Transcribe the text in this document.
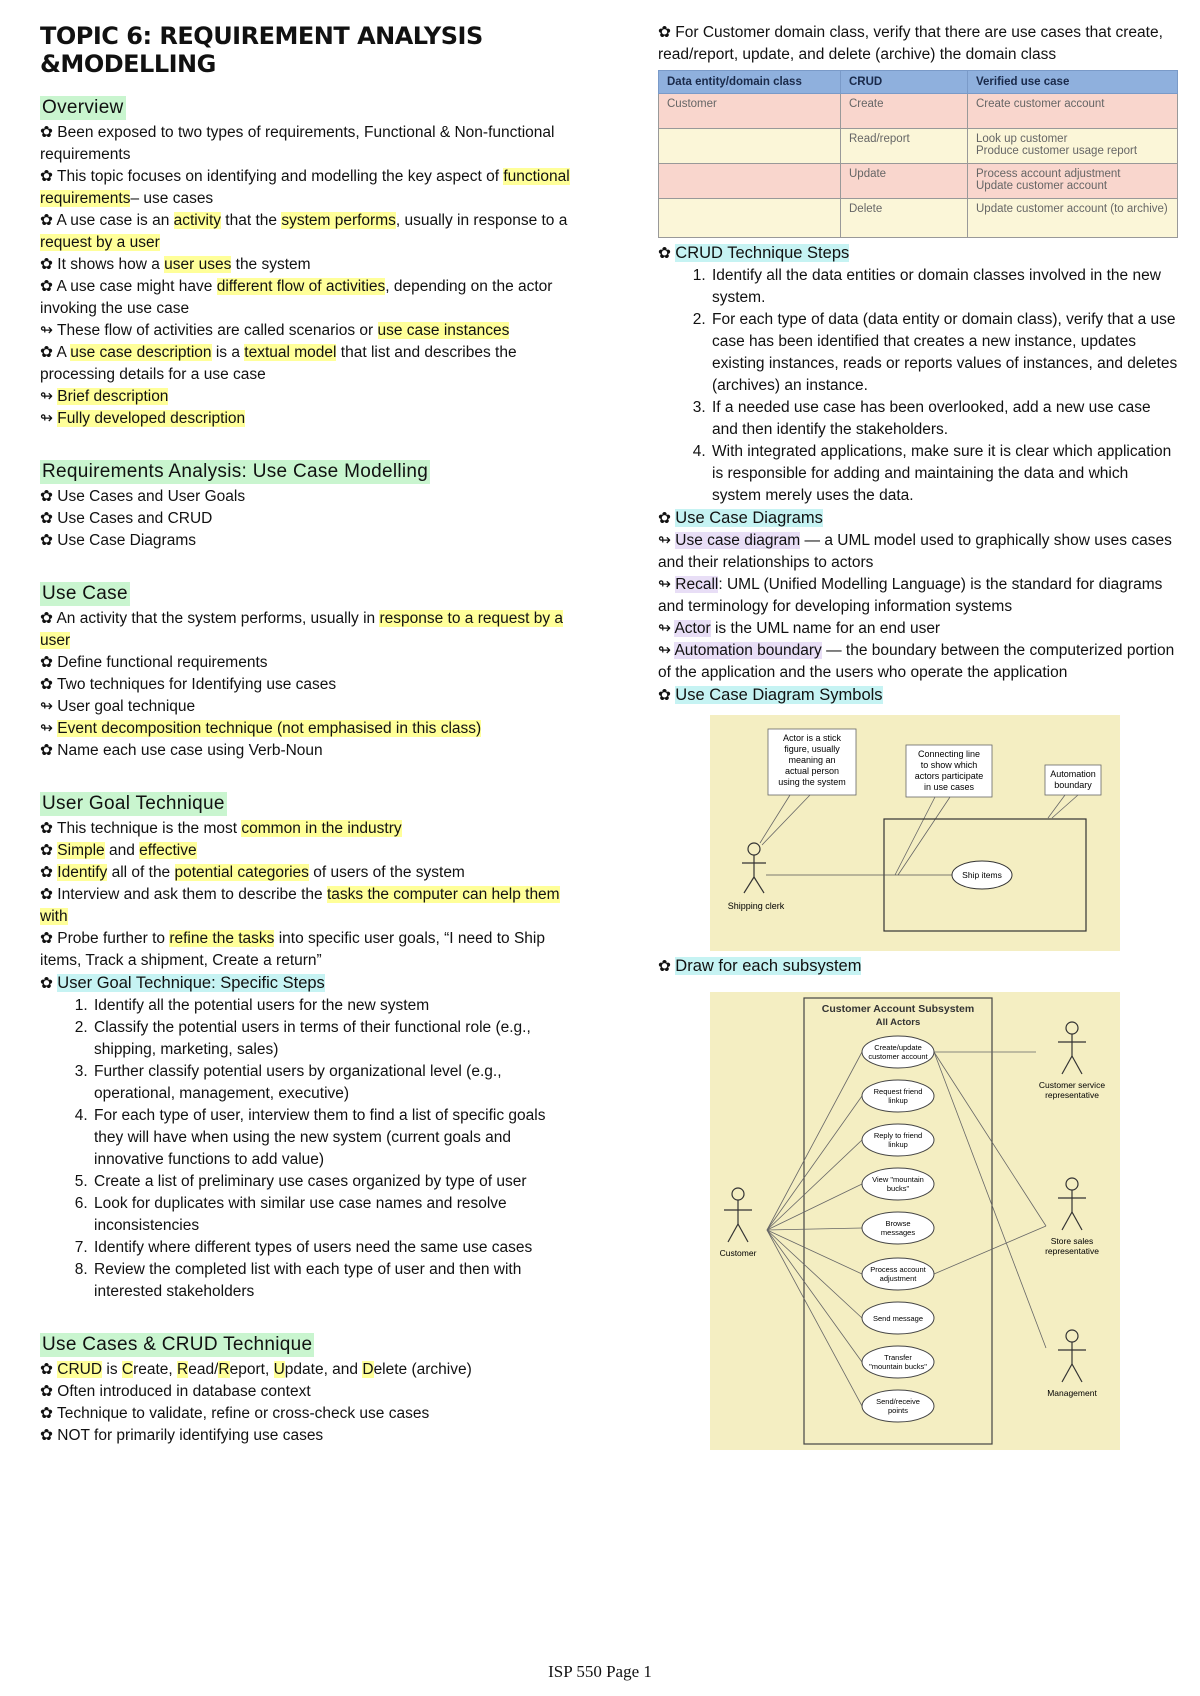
TOPIC 6: REQUIREMENT ANALYSIS &MODELLING
Overview
✿ Been exposed to two types of requirements, Functional & Non-functional requirements
✿ This topic focuses on identifying and modelling the key aspect of functional requirements– use cases
✿ A use case is an activity that the system performs, usually in response to a request by a user
✿ It shows how a user uses the system
✿ A use case might have different flow of activities, depending on the actor invoking the use case
↬ These flow of activities are called scenarios or use case instances
✿ A use case description is a textual model that list and describes the processing details for a use case
↬ Brief description
↬ Fully developed description
Requirements Analysis: Use Case Modelling
✿ Use Cases and User Goals
✿ Use Cases and CRUD
✿ Use Case Diagrams
Use Case
✿ An activity that the system performs, usually in response to a request by a user
✿ Define functional requirements
✿ Two techniques for Identifying use cases
↬ User goal technique
↬ Event decomposition technique (not emphasised in this class)
✿ Name each use case using Verb-Noun
User Goal Technique
✿ This technique is the most common in the industry
✿ Simple and effective
✿ Identify all of the potential categories of users of the system
✿ Interview and ask them to describe the tasks the computer can help them with
✿ Probe further to refine the tasks into specific user goals, “I need to Ship items, Track a shipment, Create a return”
✿ User Goal Technique: Specific Steps
1. Identify all the potential users for the new system
2. Classify the potential users in terms of their functional role (e.g., shipping, marketing, sales)
3. Further classify potential users by organizational level (e.g., operational, management, executive)
4. For each type of user, interview them to find a list of specific goals they will have when using the new system (current goals and innovative functions to add value)
5. Create a list of preliminary use cases organized by type of user
6. Look for duplicates with similar use case names and resolve inconsistencies
7. Identify where different types of users need the same use cases
8. Review the completed list with each type of user and then with interested stakeholders
Use Cases & CRUD Technique
✿ CRUD is Create, Read/Report, Update, and Delete (archive)
✿ Often introduced in database context
✿ Technique to validate, refine or cross-check use cases
✿ NOT for primarily identifying use cases
✿ For Customer domain class, verify that there are use cases that create, read/report, update, and delete (archive) the domain class
Data entity/domain class	CRUD	Verified use case
Customer	Create	Create customer account
	Read/report	Look up customer
Produce customer usage report
	Update	Process account adjustment
Update customer account
	Delete	Update customer account (to archive)
✿ CRUD Technique Steps
1. Identify all the data entities or domain classes involved in the new system.
2. For each type of data (data entity or domain class), verify that a use case has been identified that creates a new instance, updates existing instances, reads or reports values of instances, and deletes (archives) an instance.
3. If a needed use case has been overlooked, add a new use case and then identify the stakeholders.
4. With integrated applications, make sure it is clear which application is responsible for adding and maintaining the data and which system merely uses the data.
✿ Use Case Diagrams
↬ Use case diagram — a UML model used to graphically show uses cases and their relationships to actors
↬ Recall: UML (Unified Modelling Language) is the standard for diagrams and terminology for developing information systems
↬ Actor is the UML name for an end user
↬ Automation boundary — the boundary between the computerized portion of the application and the users who operate the application
✿ Use Case Diagram Symbols
Actor is a stick
figure, usually
meaning an
actual person
using the system
Connecting line
to show which
actors participate
in use cases
Automation
boundary
Ship items
Shipping clerk
✿ Draw for each subsystem
Customer Account Subsystem
All Actors
Create/update
customer account
Request friend
linkup
Reply to friend
linkup
View "mountain
bucks"
Browse
messages
Process account
adjustment
Send message
Transfer
"mountain bucks"
Send/receive
points
Customer
Customer service
representative
Store sales
representative
Management
ISP 550 Page 1
